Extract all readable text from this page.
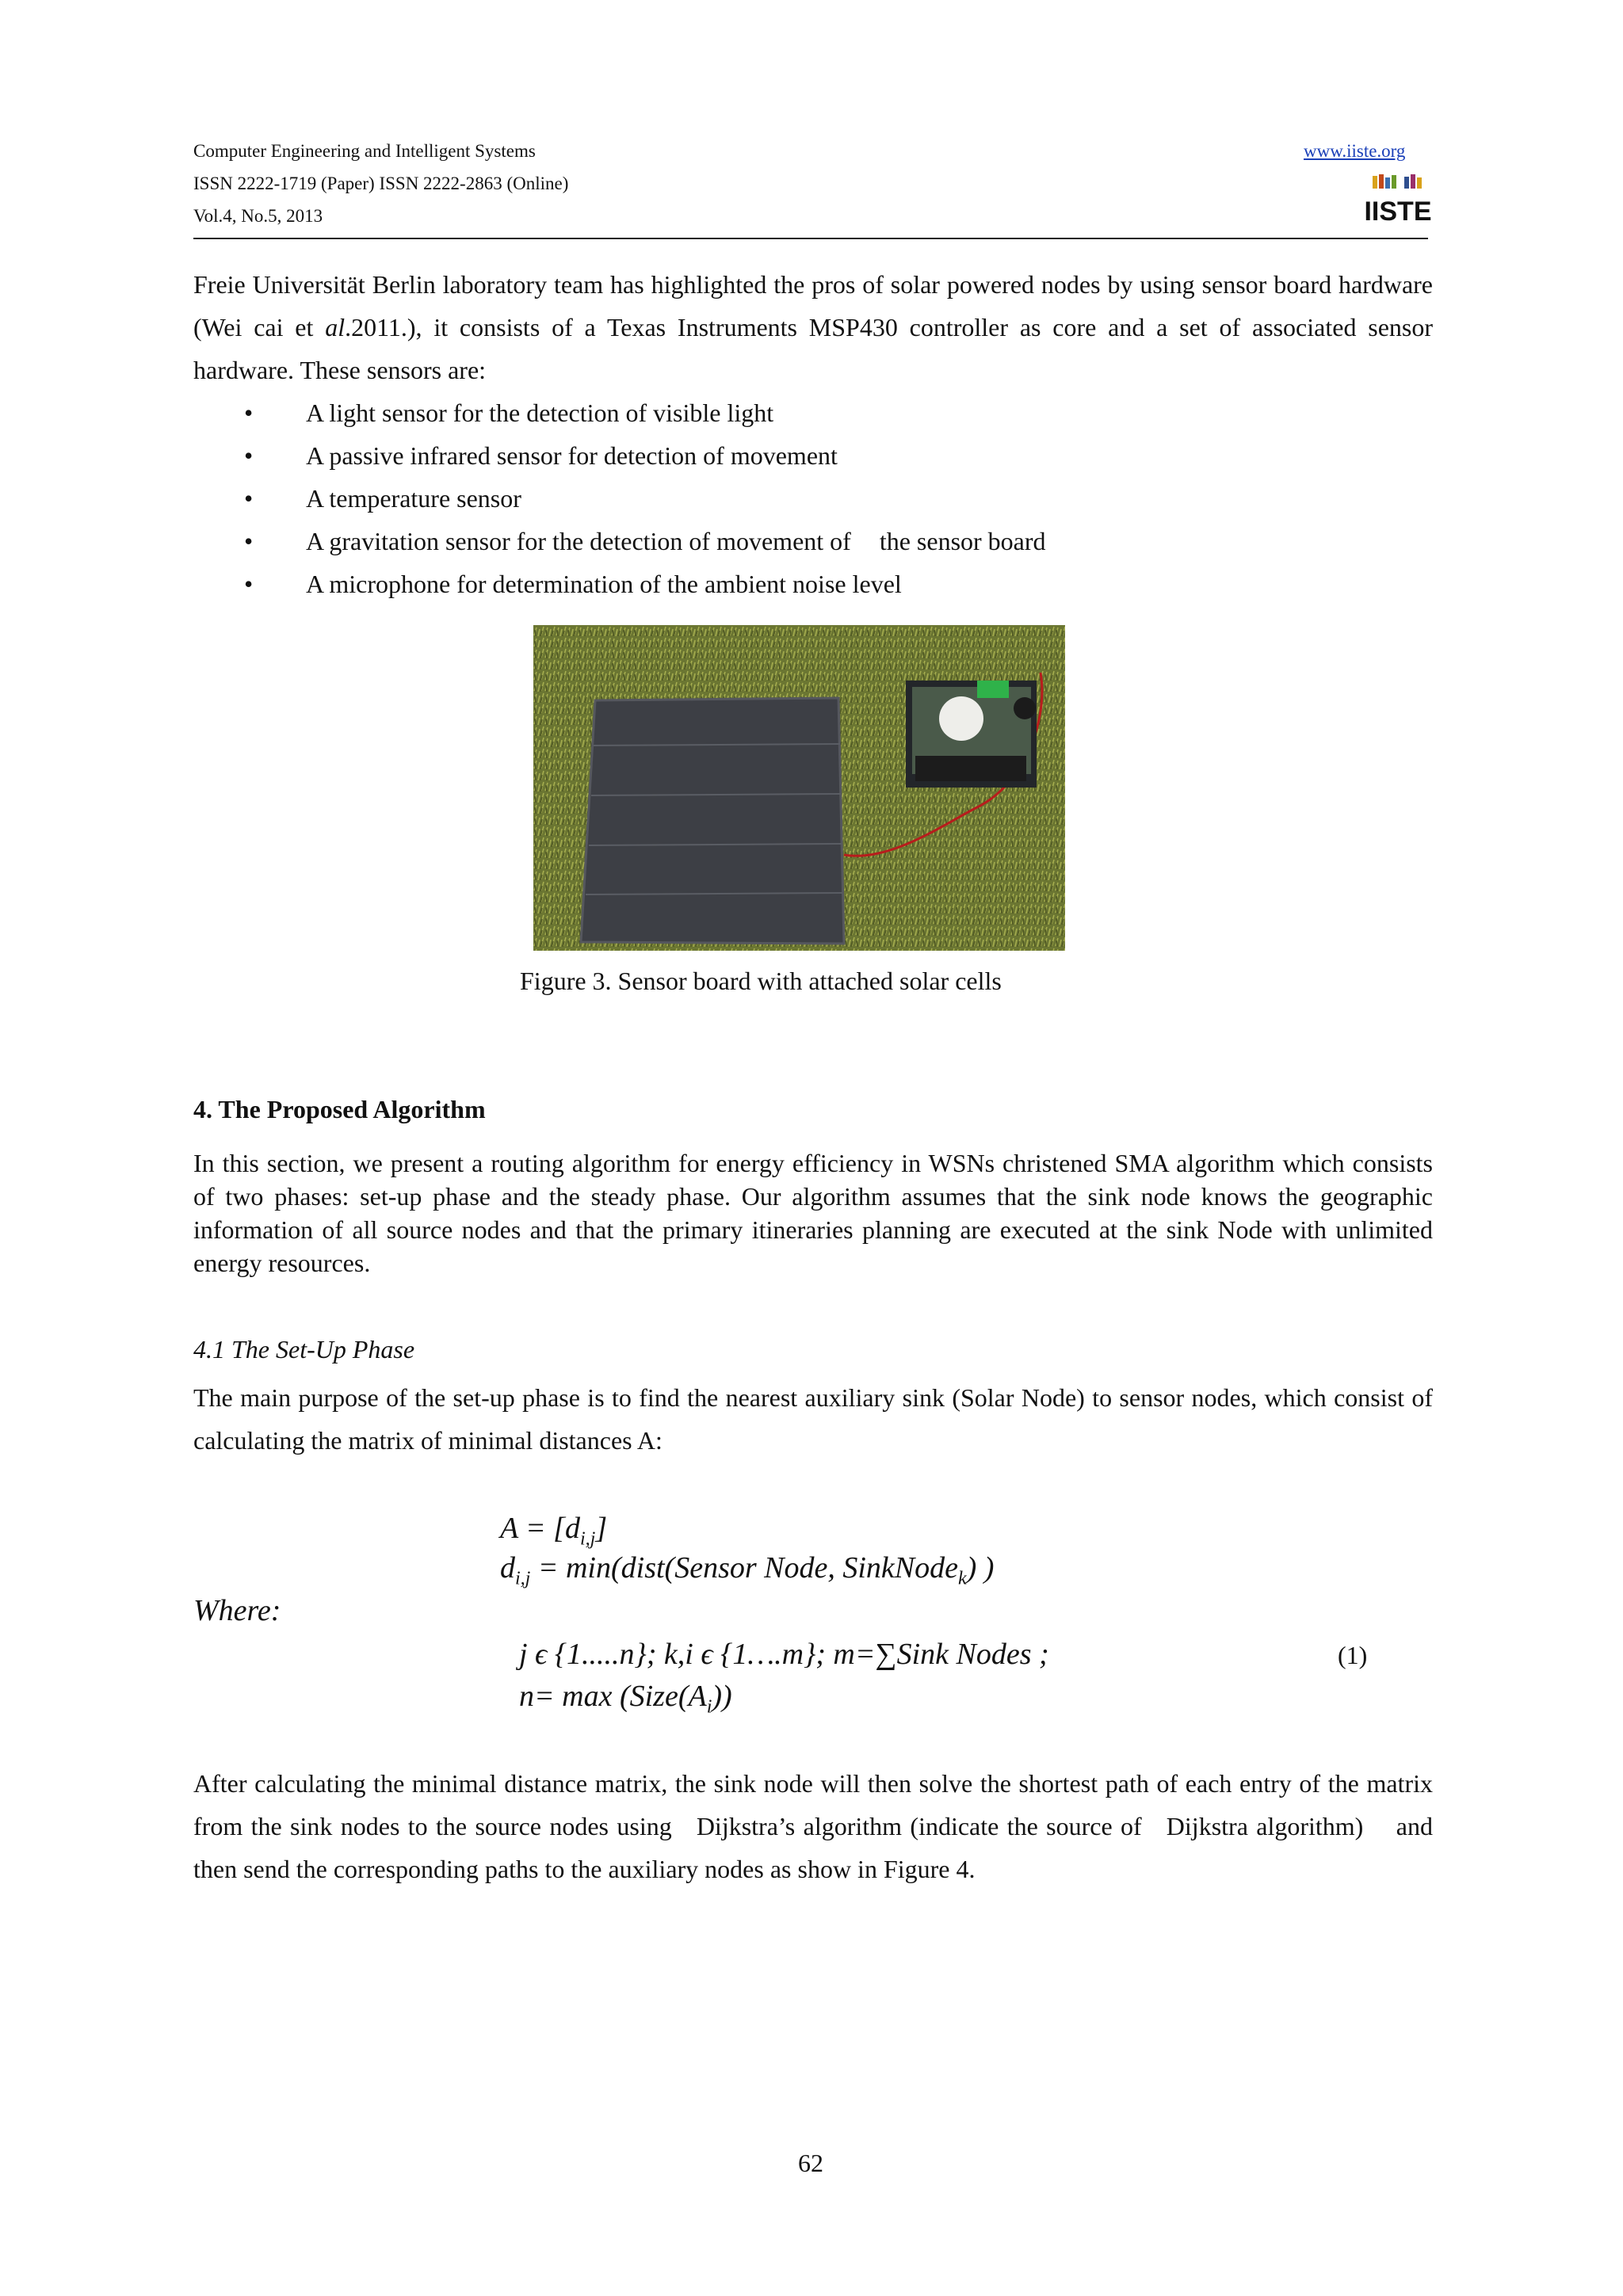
Computer Engineering and Intelligent Systems
ISSN 2222-1719 (Paper) ISSN 2222-2863 (Online)
Vol.4, No.5, 2013
www.iiste.org
IISTE
Freie Universität Berlin laboratory team has highlighted the pros of solar powered nodes by using sensor board hardware (Wei cai et al.2011.), it consists of a Texas Instruments MSP430 controller as core and a set of associated sensor hardware. These sensors are:
• A light sensor for the detection of visible light
• A passive infrared sensor for detection of movement
• A temperature sensor
• A gravitation sensor for the detection of movement of the sensor board
• A microphone for determination of the ambient noise level
Figure 3. Sensor board with attached solar cells
4. The Proposed Algorithm
In this section, we present a routing algorithm for energy efficiency in WSNs christened SMA algorithm which consists of two phases: set-up phase and the steady phase. Our algorithm assumes that the sink node knows the geographic information of all source nodes and that the primary itineraries planning are executed at the sink Node with unlimited energy resources.
4.1 The Set-Up Phase
The main purpose of the set-up phase is to find the nearest auxiliary sink (Solar Node) to sensor nodes, which consist of calculating the matrix of minimal distances A:
$A = [d_{i,j}]$
$d_{i,j}$ = min(dist(Sensor Node, SinkNode$_k$) )
Where:
j ϵ {1.....n}; k,i ϵ {1….m}; m=∑Sink Nodes ;	(1)
$n= \max (Size(A_i))$
After calculating the minimal distance matrix, the sink node will then solve the shortest path of each entry of the matrix from the sink nodes to the source nodes using   Dijkstra’s algorithm (indicate the source of   Dijkstra algorithm)    and then send the corresponding paths to the auxiliary nodes as show in Figure 4.
62
